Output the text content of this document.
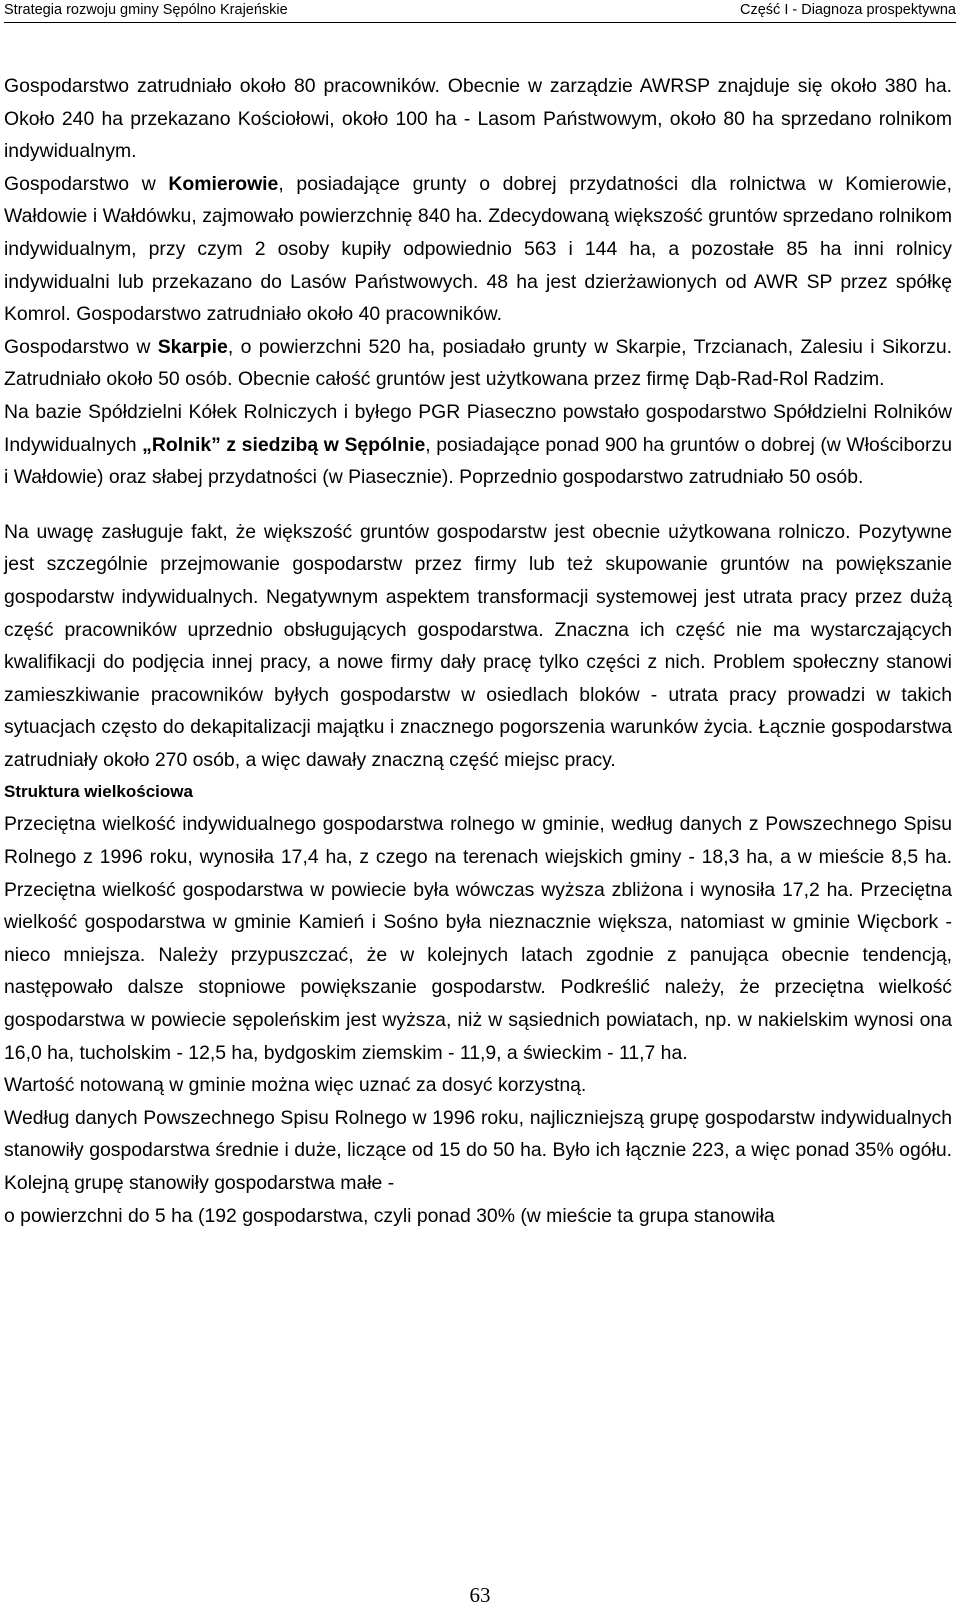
Strategia rozwoju gminy Sępólno Krajeńskie	Część I - Diagnoza prospektywna

Gospodarstwo zatrudniało około 80 pracowników. Obecnie w zarządzie AWRSP znajduje się około 380 ha. Około 240 ha przekazano Kościołowi, około 100 ha - Lasom Państwowym, około 80 ha sprzedano rolnikom indywidualnym.

Gospodarstwo w Komierowie, posiadające grunty o dobrej przydatności dla rolnictwa w Komierowie, Wałdowie i Wałdówku, zajmowało powierzchnię 840 ha. Zdecydowaną większość gruntów sprzedano rolnikom indywidualnym, przy czym 2 osoby kupiły odpowiednio 563 i 144 ha, a pozostałe 85 ha inni rolnicy indywidualni lub przekazano do Lasów Państwowych. 48 ha jest dzierżawionych od AWR SP przez spółkę Komrol. Gospodarstwo zatrudniało około 40 pracowników.

Gospodarstwo w Skarpie, o powierzchni 520 ha, posiadało grunty w Skarpie, Trzcianach, Zalesiu i Sikorzu. Zatrudniało około 50 osób. Obecnie całość gruntów jest użytkowana przez firmę Dąb-Rad-Rol Radzim.

Na bazie Spółdzielni Kółek Rolniczych i byłego PGR Piaseczno powstało gospodarstwo Spółdzielni Rolników Indywidualnych „Rolnik” z siedzibą w Sępólnie, posiadające ponad 900 ha gruntów o dobrej (w Włościborzu i Wałdowie) oraz słabej przydatności (w Piasecznie). Poprzednio gospodarstwo zatrudniało 50 osób.

Na uwagę zasługuje fakt, że większość gruntów gospodarstw jest obecnie użytkowana rolniczo. Pozytywne jest szczególnie przejmowanie gospodarstw przez firmy lub też skupowanie gruntów na powiększanie gospodarstw indywidualnych. Negatywnym aspektem transformacji systemowej jest utrata pracy przez dużą część pracowników uprzednio obsługujących gospodarstwa. Znaczna ich część nie ma wystarczających kwalifikacji do podjęcia innej pracy, a nowe firmy dały pracę tylko części z nich. Problem społeczny stanowi zamieszkiwanie pracowników byłych gospodarstw w osiedlach bloków - utrata pracy prowadzi w takich sytuacjach często do dekapitalizacji majątku i znacznego pogorszenia warunków życia. Łącznie gospodarstwa zatrudniały około 270 osób, a więc dawały znaczną część miejsc pracy.

Struktura wielkościowa

Przeciętna wielkość indywidualnego gospodarstwa rolnego w gminie, według danych z Powszechnego Spisu Rolnego z 1996 roku, wynosiła 17,4 ha, z czego na terenach wiejskich gminy - 18,3 ha, a w mieście 8,5 ha. Przeciętna wielkość gospodarstwa w powiecie była wówczas wyższa zbliżona i wynosiła 17,2 ha. Przeciętna wielkość gospodarstwa w gminie Kamień i Sośno była nieznacznie większa, natomiast w gminie Więcbork - nieco mniejsza. Należy przypuszczać, że w kolejnych latach zgodnie z panująca obecnie tendencją, następowało dalsze stopniowe powiększanie gospodarstw. Podkreślić należy, że przeciętna wielkość gospodarstwa w powiecie sępoleńskim jest wyższa, niż w sąsiednich powiatach, np. w nakielskim wynosi ona 16,0 ha, tucholskim - 12,5 ha, bydgoskim ziemskim - 11,9, a świeckim - 11,7 ha.

Wartość notowaną w gminie można więc uznać za dosyć korzystną.

Według danych Powszechnego Spisu Rolnego w 1996 roku, najliczniejszą grupę gospodarstw indywidualnych stanowiły gospodarstwa średnie i duże, liczące od 15 do 50 ha. Było ich łącznie 223, a więc ponad 35% ogółu. Kolejną grupę stanowiły gospodarstwa małe -

o powierzchni do 5 ha (192 gospodarstwa, czyli ponad 30% (w mieście ta grupa stanowiła

63
